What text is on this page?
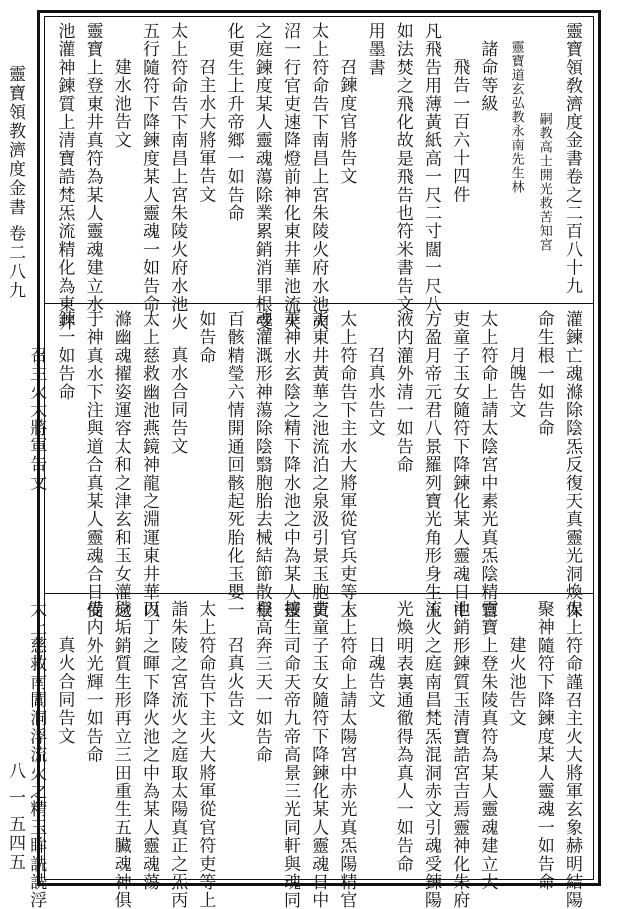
靈寶領教濟度金書 卷二八九
八 一 五四五
靈寶領敎濟度金書卷之二百八十九
嗣教高士開光救苦知宮
靈寶道玄弘教永南先生林
諸命等級
飛告一百六十四件
凡飛告用薄黃紙高一尺二寸闊一尺八
如法焚之飛化故是飛告也符米書告文
用墨書
召鍊度官將告文
太上符命告下南昌上宮朱陵火府水池火
沼一行官吏速降燈前神化東井華池流火
之庭鍊度某人靈魂蕩除業累銷消罪根受
化更生上升帝鄉一如告命
召主水大將軍告文
太上符命告下南昌上宮朱陵火府水池火
五行隨符下降鍊度某人靈魂一如告命
建水池告文
靈寶上登東井真符為某人靈魂建立水
池灌神鍊質上清寶誥梵炁流精化為東井
灌鍊亡魂滌除陰炁反復天真靈光洞煥保
命生根一如告命
月魄告文
太上符命上請太陰宮中素光真炁陰精官
吏童子玉女隨符下降鍊化某人靈魂日中
方盈月帝元君八景羅列寶光角形身生玉
液内灌外清一如告命
召真水告文
太上符命告下主水大將軍從官兵吏等上
詣東井黃華之池流泊之泉汲引景玉胞黃
華神水玄陰之精下降水池之中為某人靈
魂灌溉形神蕩除陰翳胞胎去械結節散根
百骸精瑩六情開通回骸起死胎化玉嬰一
如告命
真水合同告文
太上慈救幽池燕鏡神龍之淵運東井華以
滌幽魂擢姿運容太和之津玄和玉女灌之
于神真水下注與道合真某人靈魂合日受
鍊一如告命
召主火大將軍告文
太上符命謹召主火大將軍玄象赫明結陽
聚神隨符下降鍊度某人靈魂一如告命
建火池告文
靈寶上登朱陵真符為某人靈魂建立大
池銷形鍊質玉清寶誥宮吉焉靈神化朱府
流火之庭南昌梵炁混洞赤文引魂受鍊陽
光煥明表裏通徹得為真人一如告命
日魂告文
太上符命上請太陽宮中赤光真炁陽精官
吏童子玉女隨符下降鍊化某人靈魂日中
接生司命天帝九帝高景三光同軒與魂同
登高奔三天一如告命
召真火告文
太上符命告下主火大將軍從官符吏等上
詣朱陵之宮流火之庭取太陽真正之炁丙
丙丁之暉下降火池之中為某人靈魂蕩
穢垢銷質生形再立三田重生五臟魂神俱
備内外光輝一如告命
真火合同告文
太上慈救南閭洞浮流火之精玉眸詵詵浮
